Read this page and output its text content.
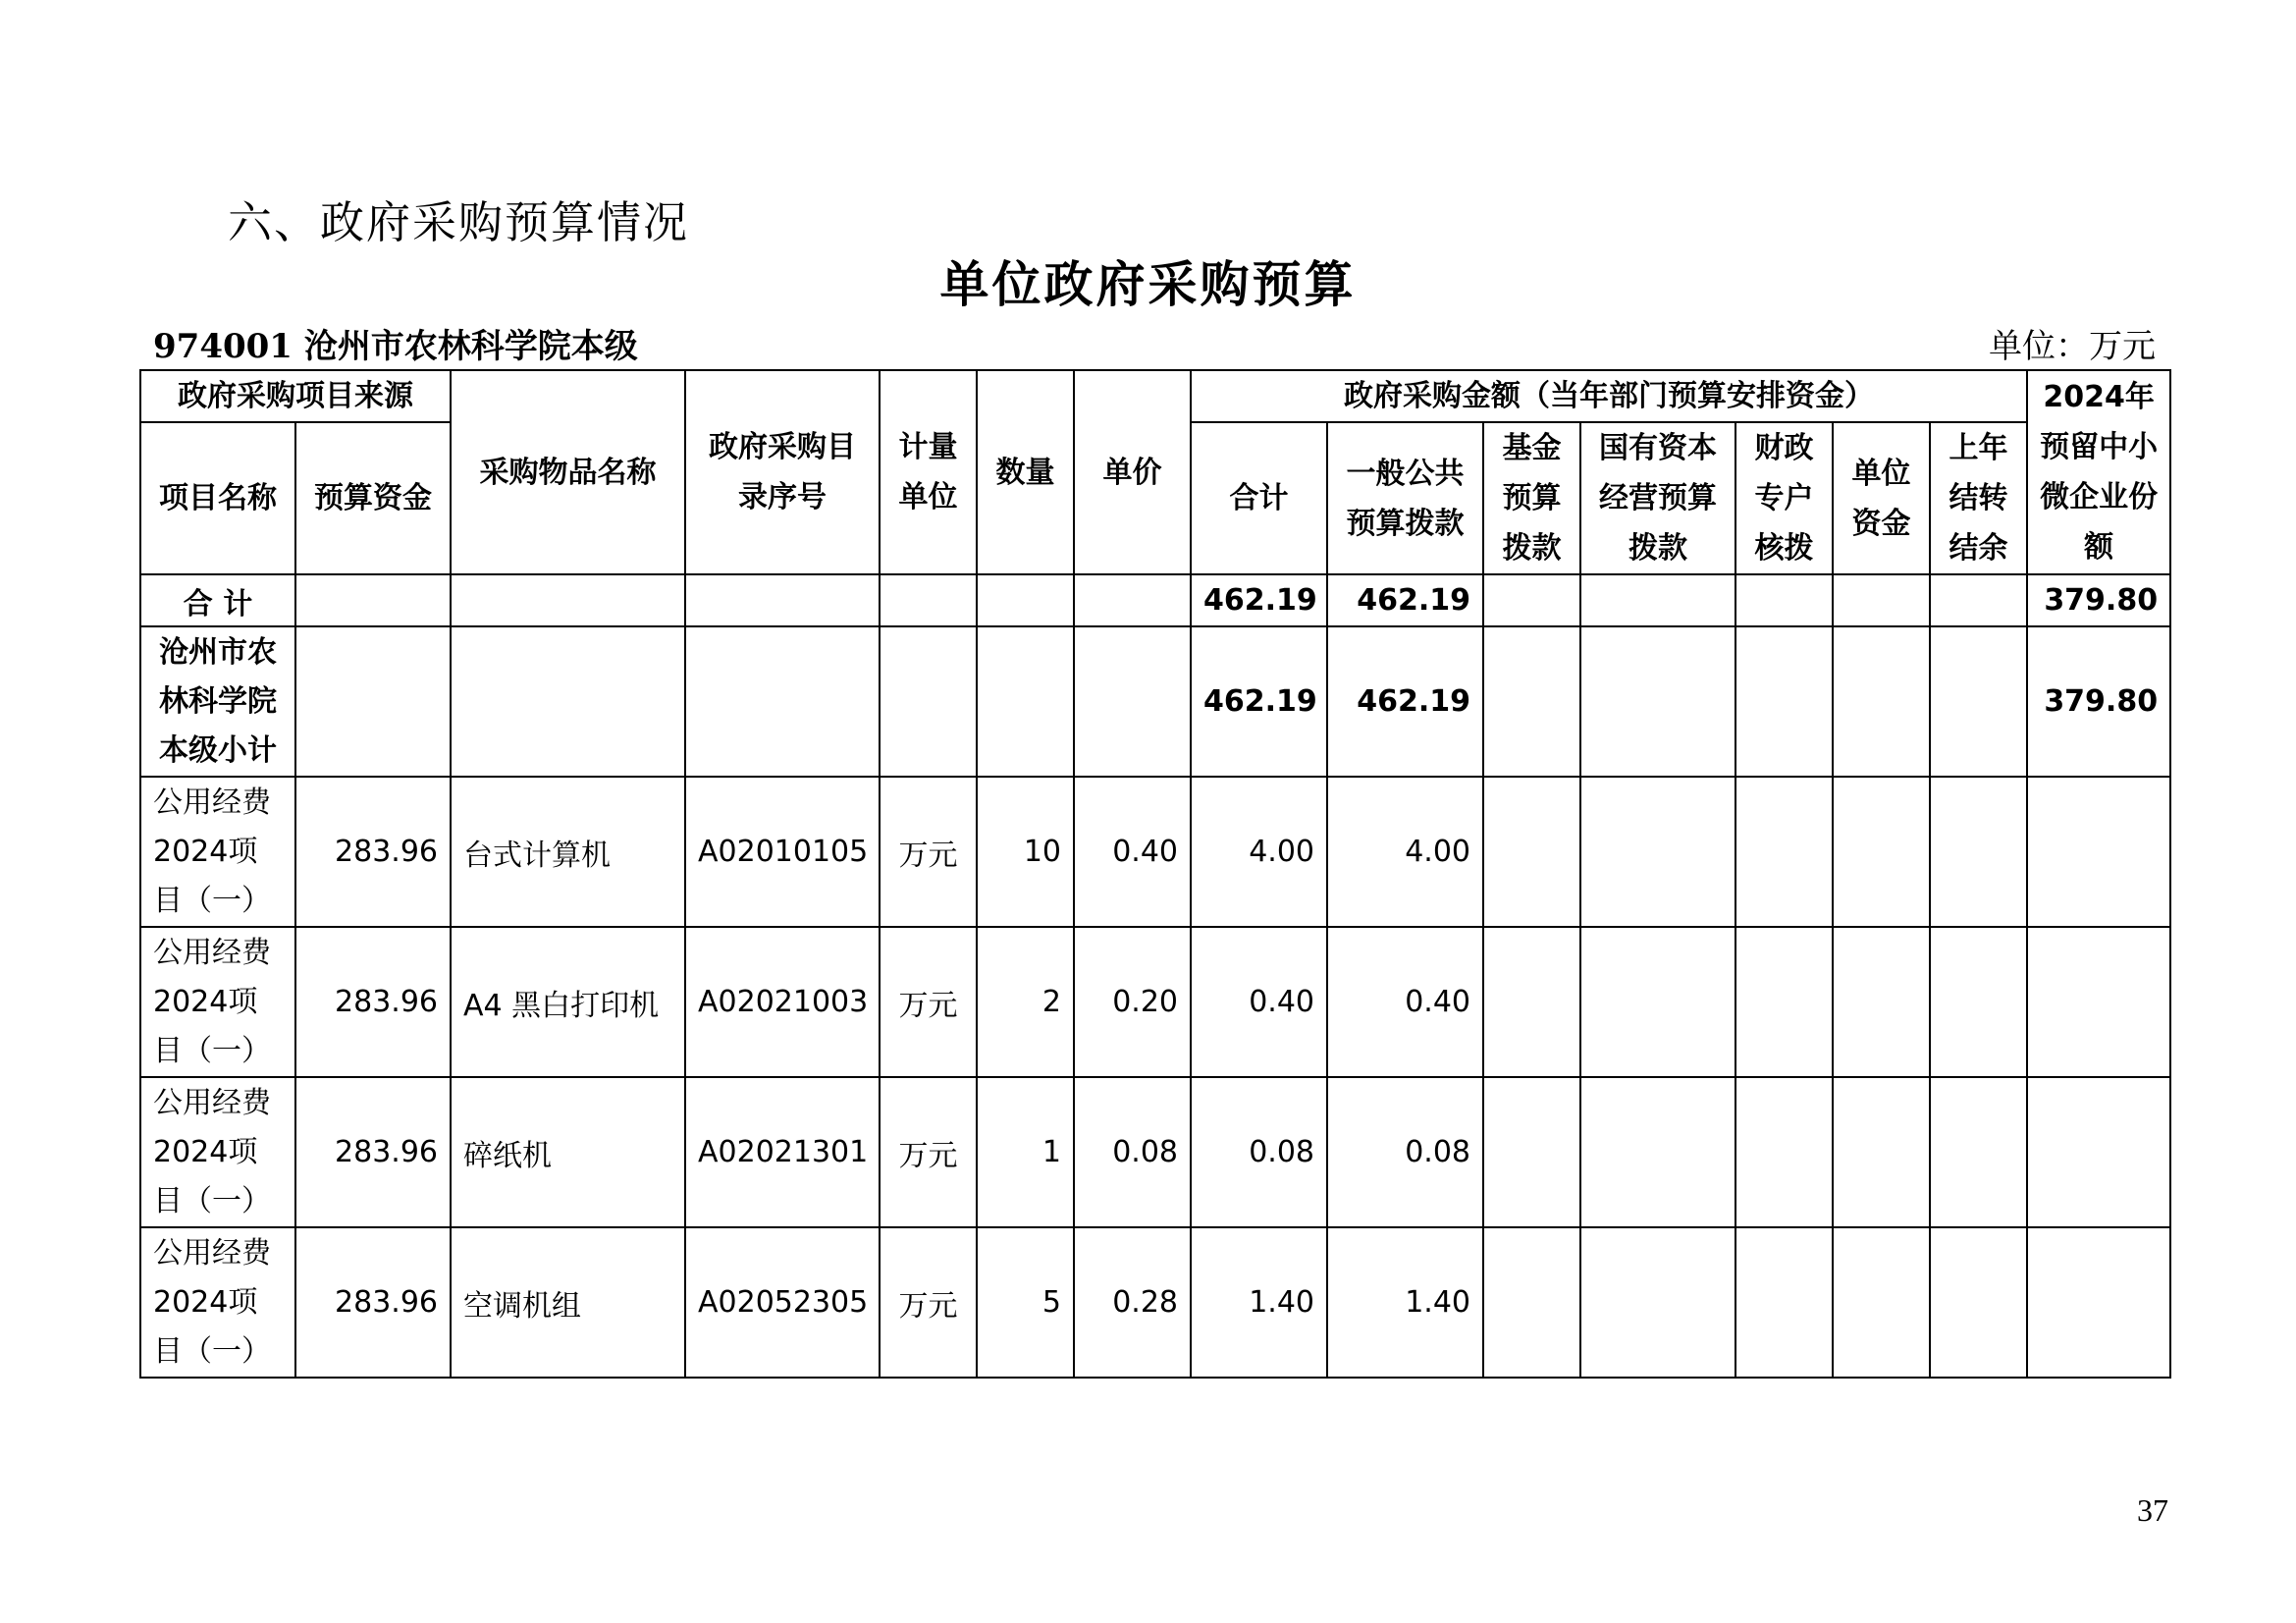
六、政府采购预算情况
单位政府采购预算
974001 沧州市农林科学院本级	单位：万元
政府采购项目来源		采购物品名称	政府采购目录序号	计量单位	数量	单价	政府采购金额（当年部门预算安排资金）							2024年预留中小微企业份额
项目名称	预算资金						合计	一般公共预算拨款	基金预算拨款	国有资本经营预算拨款	财政专户核拨	单位资金	上年结转结余	
合 计							462.19	462.19						379.80
沧州市农林科学院本级小计							462.19	462.19						379.80
公用经费2024项目（一）	283.96	台式计算机	A02010105	万元	10	0.40	4.00	4.00						
公用经费2024项目（一）	283.96	A4 黑白打印机	A02021003	万元	2	0.20	0.40	0.40						
公用经费2024项目（一）	283.96	碎纸机	A02021301	万元	1	0.08	0.08	0.08						
公用经费2024项目（一）	283.96	空调机组	A02052305	万元	5	0.28	1.40	1.40						
37
